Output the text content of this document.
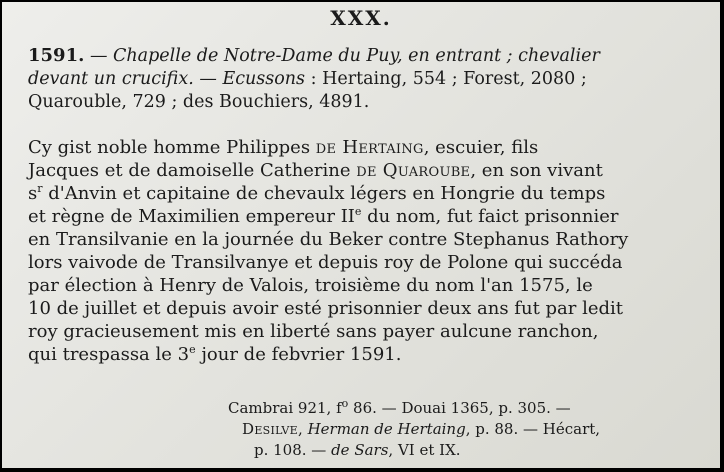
XXX.
1591. — Chapelle de Notre-Dame du Puy, en entrant ; chevalier
devant un crucifix. — Ecussons : Hertaing, 554 ; Forest, 2080 ;
Quarouble, 729 ; des Bouchiers, 4891.
Cy gist noble homme Philippes de Hertaing, escuier, fils
Jacques et de damoiselle Catherine de Quaroube, en son vivant
$s^r$ d'Anvin et capitaine de chevaulx légers en Hongrie du temps
et règne de Maximilien empereur IIe du nom, fut faict prisonnier
en Transilvanie en la journée du Beker contre Stephanus Rathory
lors vaivode de Transilvanye et depuis roy de Polone qui succéda
par élection à Henry de Valois, troisième du nom l'an 1575, le
10 de juillet et depuis avoir esté prisonnier deux ans fut par ledit
roy gracieusement mis en liberté sans payer aulcune ranchon,
qui trespassa le 3e jour de febvrier 1591.
Cambrai 921, $f^o$ 86. — Douai 1365, p. 305. —
Desilve, Herman de Hertaing, p. 88. — Hécart,
p. 108. — de Sars, VI et IX.
